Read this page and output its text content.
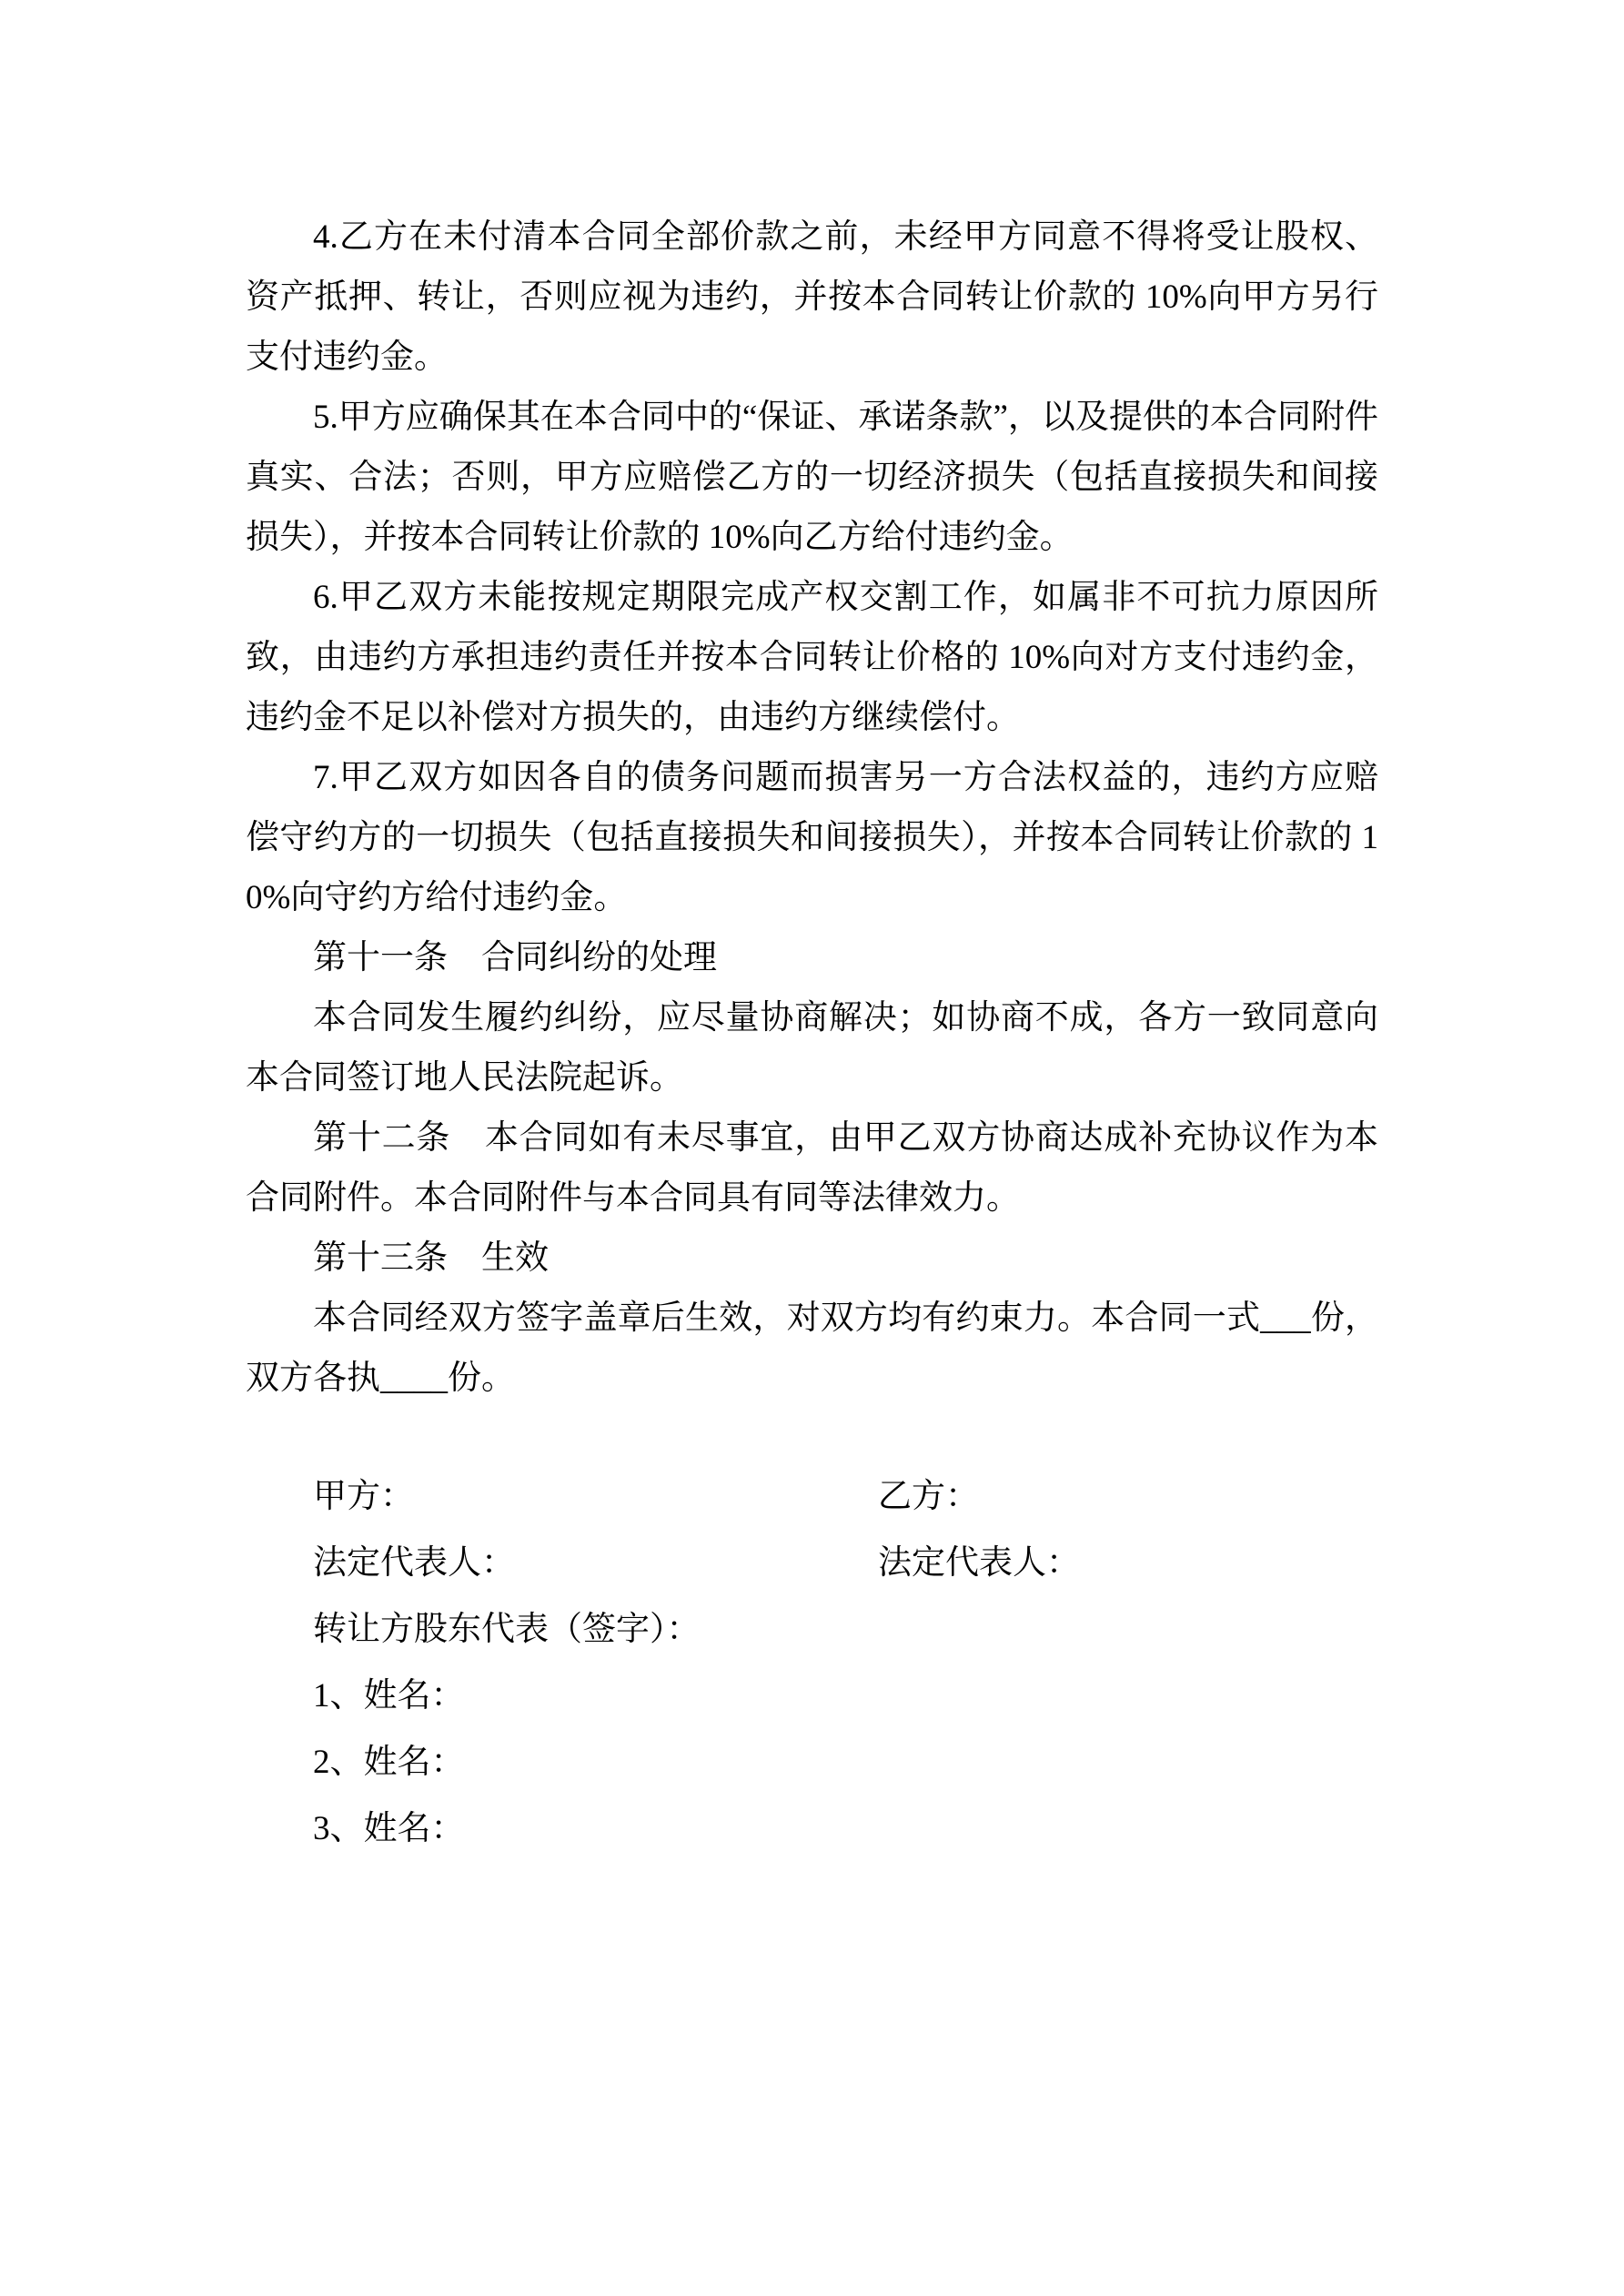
4.乙方在未付清本合同全部价款之前，未经甲方同意不得将受让股权、资产抵押、转让，否则应视为违约，并按本合同转让价款的 10%向甲方另行支付违约金。

5.甲方应确保其在本合同中的“保证、承诺条款”，以及提供的本合同附件真实、合法；否则，甲方应赔偿乙方的一切经济损失（包括直接损失和间接损失），并按本合同转让价款的 10%向乙方给付违约金。

6.甲乙双方未能按规定期限完成产权交割工作，如属非不可抗力原因所致，由违约方承担违约责任并按本合同转让价格的 10%向对方支付违约金，违约金不足以补偿对方损失的，由违约方继续偿付。

7.甲乙双方如因各自的债务问题而损害另一方合法权益的，违约方应赔偿守约方的一切损失（包括直接损失和间接损失），并按本合同转让价款的 10%向守约方给付违约金。

第十一条　合同纠纷的处理

本合同发生履约纠纷，应尽量协商解决；如协商不成，各方一致同意向本合同签订地人民法院起诉。

第十二条　本合同如有未尽事宜，由甲乙双方协商达成补充协议作为本合同附件。本合同附件与本合同具有同等法律效力。

第十三条　生效

本合同经双方签字盖章后生效，对双方均有约束力。本合同一式___份，双方各执____份。

甲方：	乙方：
法定代表人：	法定代表人：
转让方股东代表（签字）：
1、姓名：
2、姓名：
3、姓名：
